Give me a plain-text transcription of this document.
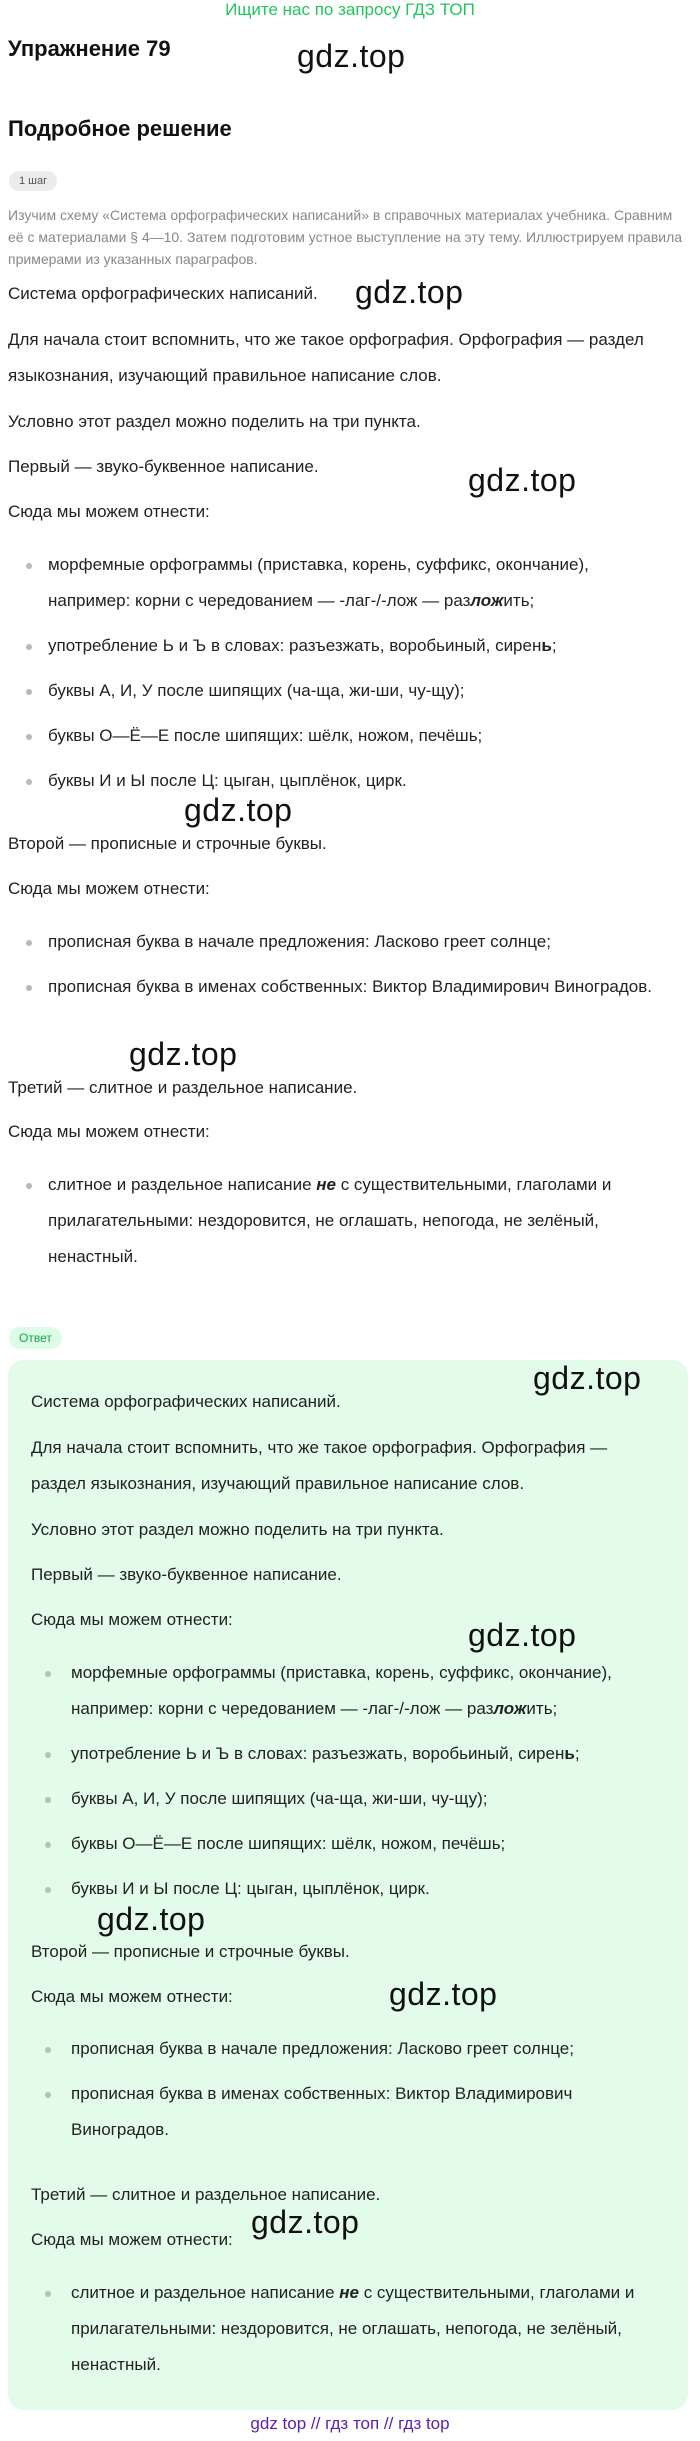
Ищите нас по запросу ГДЗ ТОП
Упражнение 79	gdz.top
Подробное решение
1 шаг
Изучим схему «Система орфографических написаний» в справочных материалах учебника. Сравним её с материалами § 4—10. Затем подготовим устное выступление на эту тему. Иллюстрируем правила примерами из указанных параграфов.

Система орфографических написаний. gdz.top

Для начала стоит вспомнить, что же такое орфография. Орфография — раздел языкознания, изучающий правильное написание слов.

Условно этот раздел можно поделить на три пункта.

Первый — звуко-буквенное написание.	gdz.top

Сюда мы можем отнести:

морфемные орфограммы (приставка, корень, суффикс, окончание), например: корни с чередованием — -лаг-/-лож — разложить;
употребление Ь и Ъ в словах: разъезжать, воробьиный, сирень;
буквы А, И, У после шипящих (ча-ща, жи-ши, чу-щу);
буквы О—Ё—Е после шипящих: шёлк, ножом, печёшь;
буквы И и Ы после Ц: цыган, цыплёнок, цирк.
gdz.top

Второй — прописные и строчные буквы.

Сюда мы можем отнести:

прописная буква в начале предложения: Ласково греет солнце;
прописная буква в именах собственных: Виктор Владимирович Виноградов.
gdz.top

Третий — слитное и раздельное написание.

Сюда мы можем отнести:

слитное и раздельное написание не с существительными, глаголами и прилагательными: нездоровится, не оглашать, непогода, не зелёный, ненастный.
Ответ

Система орфографических написаний.

gdz.top

Для начала стоит вспомнить, что же такое орфография. Орфография — раздел языкознания, изучающий правильное написание слов.

Условно этот раздел можно поделить на три пункта.

Первый — звуко-буквенное написание.

Сюда мы можем отнести:	gdz.top
морфемные орфограммы (приставка, корень, суффикс, окончание), например: корни с чередованием — -лаг-/-лож — разложить;
употребление Ь и Ъ в словах: разъезжать, воробьиный, сирень;
буквы А, И, У после шипящих (ча-ща, жи-ши, чу-щу);
буквы О—Ё—Е после шипящих: шёлк, ножом, печёшь;
буквы И и Ы после Ц: цыган, цыплёнок, цирк.
gdz.top

Второй — прописные и строчные буквы.

gdz.top

Сюда мы можем отнести:

прописная буква в начале предложения: Ласково греет солнце;
прописная буква в именах собственных: Виктор Владимирович Виноградов.

Третий — слитное и раздельное написание.

Сюда мы можем отнести: gdz.top
слитное и раздельное написание не с существительными, глаголами и прилагательными: нездоровится, не оглашать, непогода, не зелёный, ненастный.
gdz top // гдз топ // гдз top
